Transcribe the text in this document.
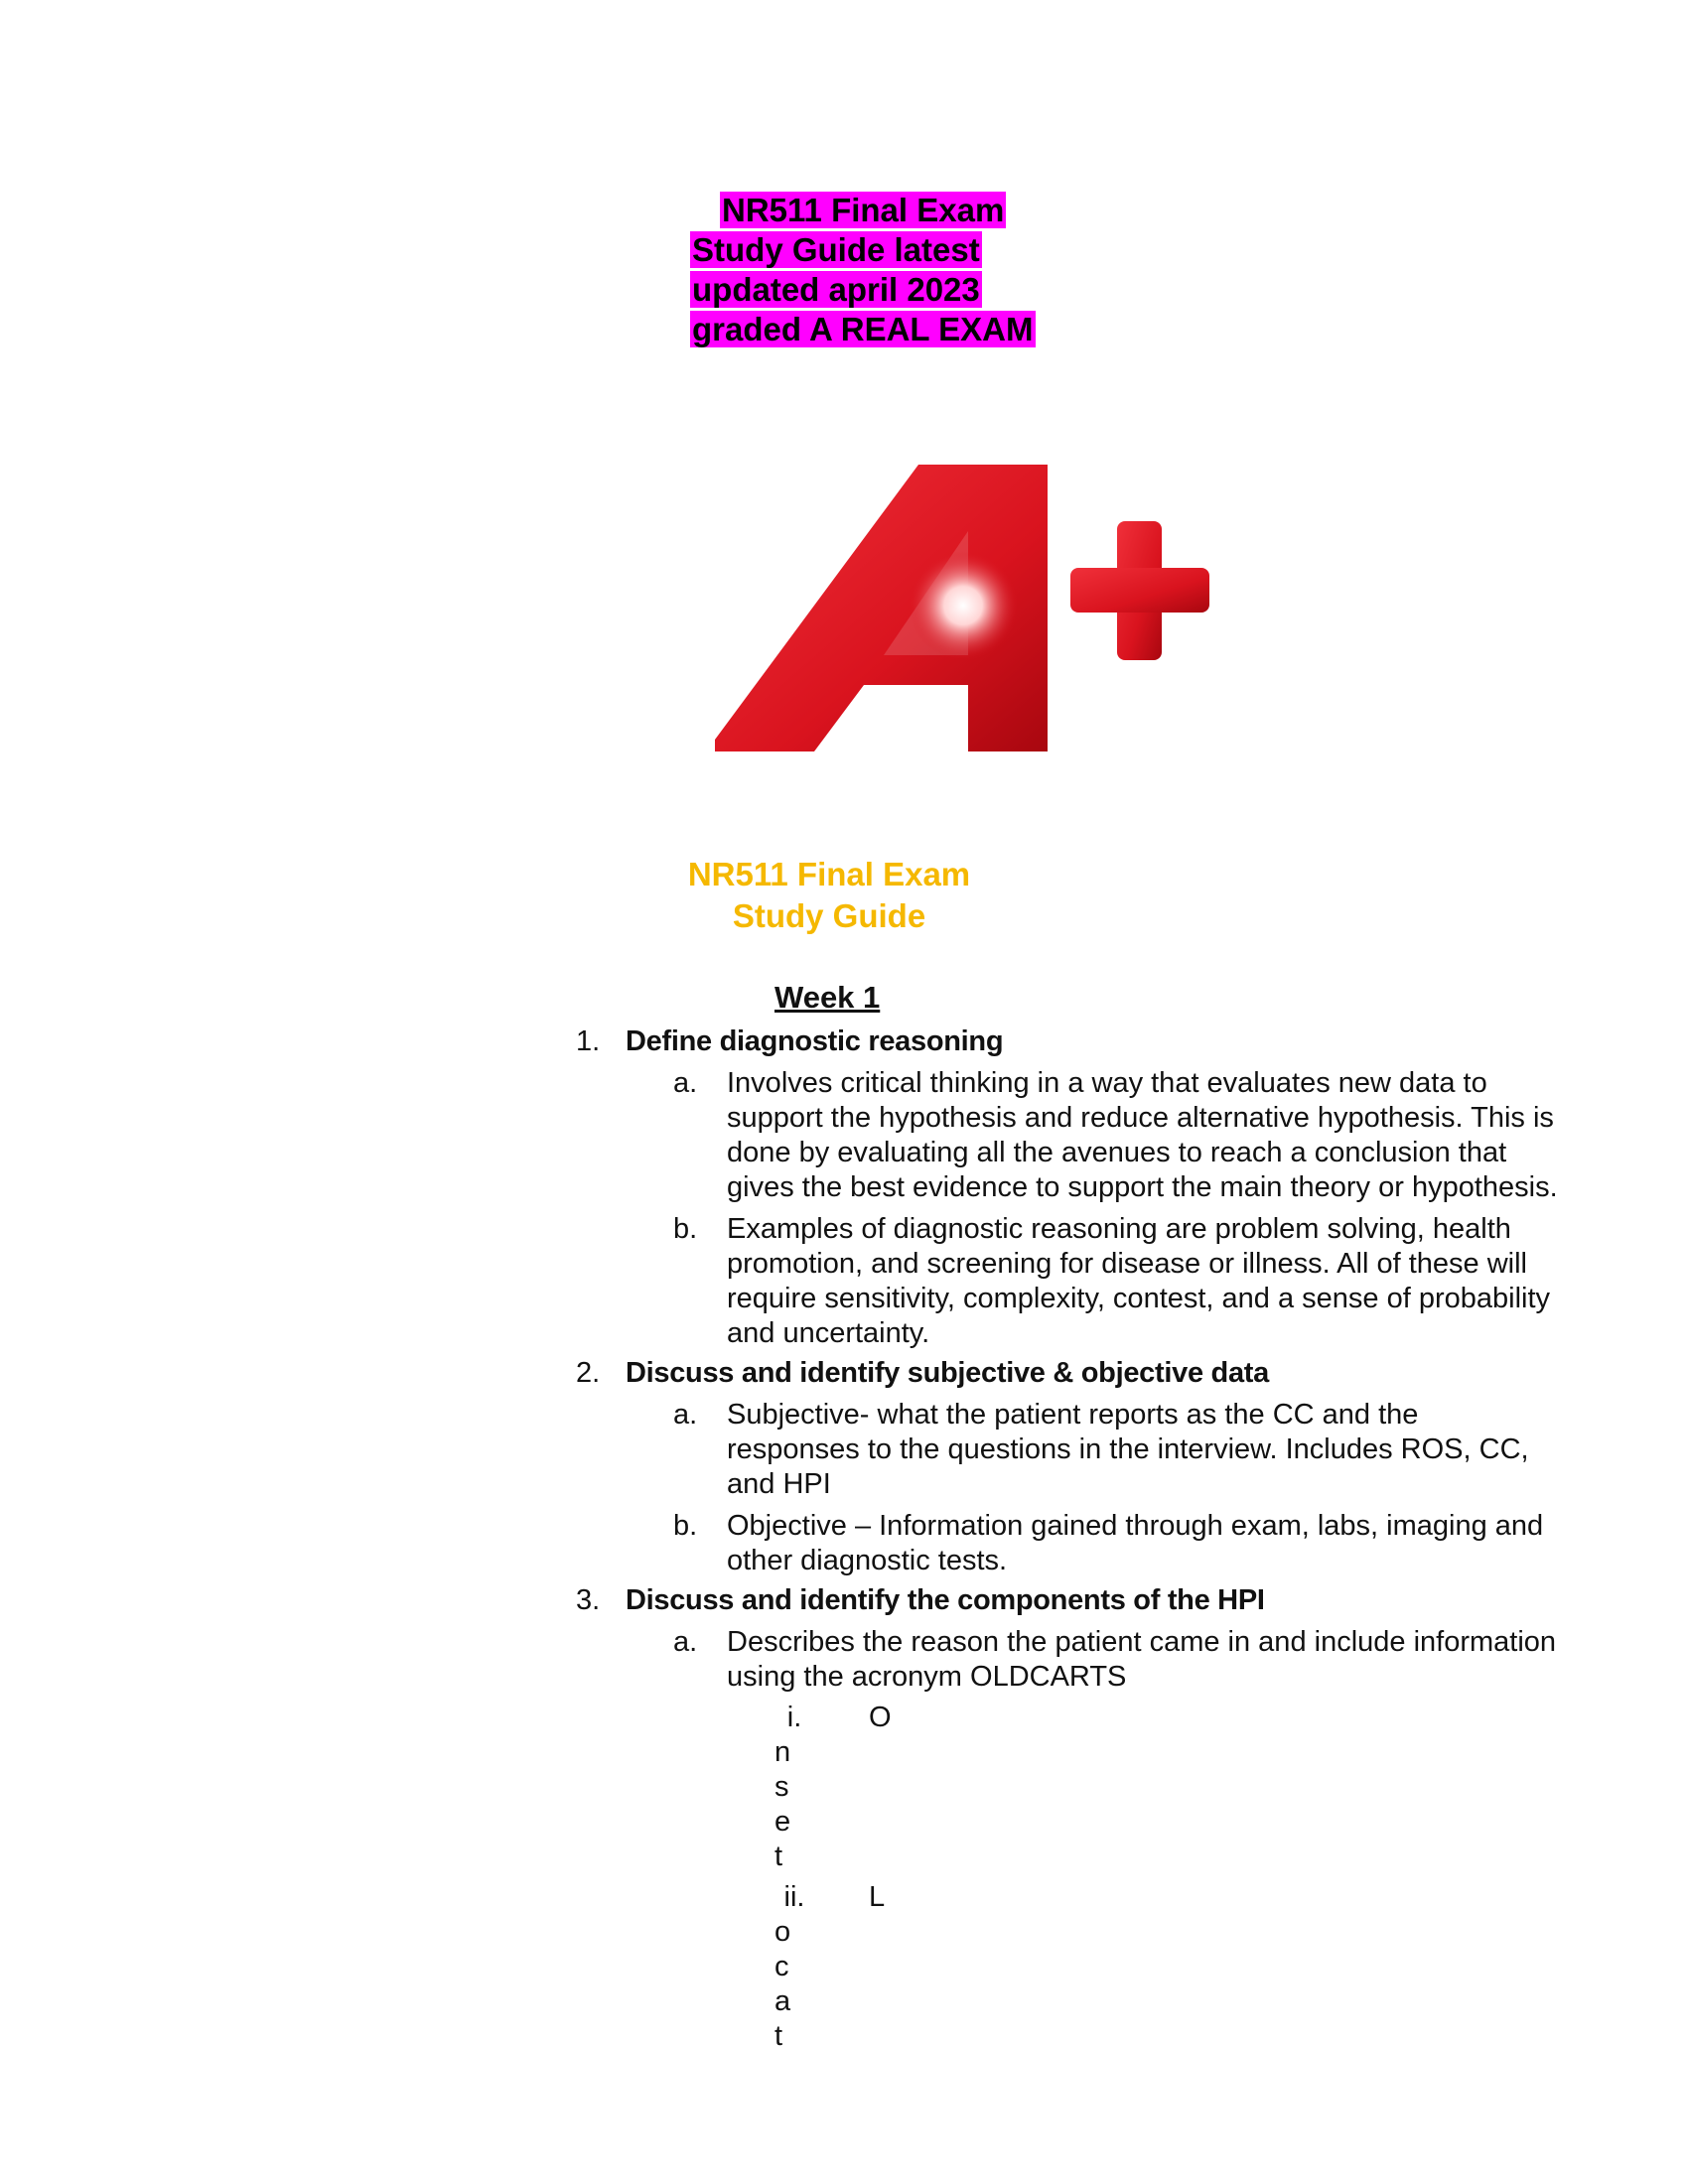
NR511 Final Exam
Study Guide latest
updated april 2023
graded A REAL EXAM
NR511 Final Exam
Study Guide
Week 1
1. Define diagnostic reasoning
a. Involves critical thinking in a way that evaluates new data to support the hypothesis and reduce alternative hypothesis. This is done by evaluating all the avenues to reach a conclusion that gives the best evidence to support the main theory or hypothesis.
b. Examples of diagnostic reasoning are problem solving, health promotion, and screening for disease or illness. All of these will require sensitivity, complexity, contest, and a sense of probability and uncertainty.
2. Discuss and identify subjective & objective data
a. Subjective- what the patient reports as the CC and the responses to the questions in the interview. Includes ROS, CC, and HPI
b. Objective – Information gained through exam, labs, imaging and other diagnostic tests.
3. Discuss and identify the components of the HPI
a. Describes the reason the patient came in and include information using the acronym OLDCARTS
i.	O
nset
ii.	L
ocat
